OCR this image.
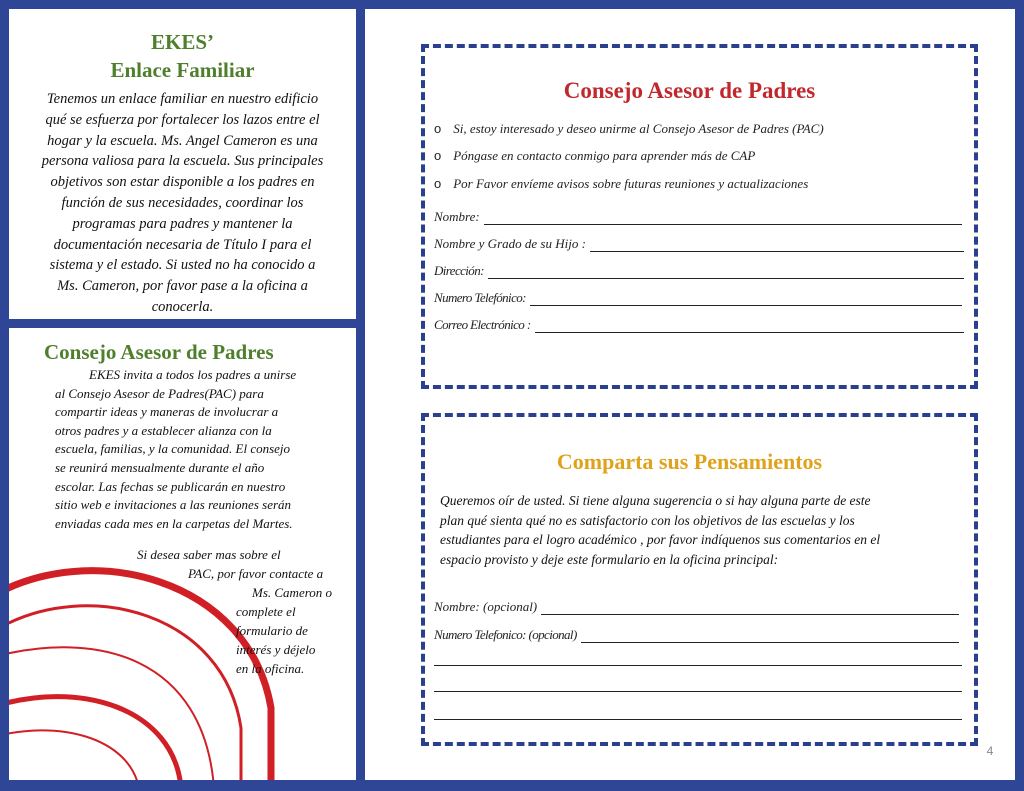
EKES’
Enlace Familiar
Tenemos un enlace familiar en nuestro edificio
qué se esfuerza por fortalecer los lazos entre el
hogar y la escuela. Ms. Angel Cameron es una
persona valiosa para la escuela. Sus principales
objetivos son estar disponible a los padres en
función de sus necesidades, coordinar los
programas para padres y mantener la
documentación necesaria de Título I para el
sistema y el estado. Si usted no ha conocido a
Ms. Cameron, por favor pase a la oficina a
conocerla.
Consejo Asesor de Padres
EKES invita a todos los padres a unirse
al Consejo Asesor de Padres(PAC) para
compartir ideas y maneras de involucrar a
otros padres y a establecer alianza con la
escuela, familias, y la comunidad. El consejo
se reunirá mensualmente durante el año
escolar. Las fechas se publicarán en nuestro
sitio web e invitaciones a las reuniones serán
enviadas cada mes en la carpetas del Martes.
Si desea saber mas sobre el
PAC, por favor contacte a
Ms. Cameron o
complete el
formulario de
interés y déjelo
en la oficina.
Consejo Asesor de Padres
o Si, estoy interesado y deseo unirme al Consejo Asesor de Padres (PAC)
o Póngase en contacto conmigo para aprender más de CAP
o Por Favor envíeme avisos sobre futuras reuniones y actualizaciones
Nombre:
Nombre y Grado de su Hijo :
Dirección:
Numero Telefónico:
Correo Electrónico :
Comparta sus Pensamientos
Queremos oír de usted. Si tiene alguna sugerencia o si hay alguna parte de este
plan qué sienta qué no es satisfactorio con los objetivos de las escuelas y los
estudiantes para el logro académico , por favor indíquenos sus comentarios en el
espacio provisto y deje este formulario en la oficina principal:
Nombre: (opcional)
Numero Telefonico: (opcional)
4
